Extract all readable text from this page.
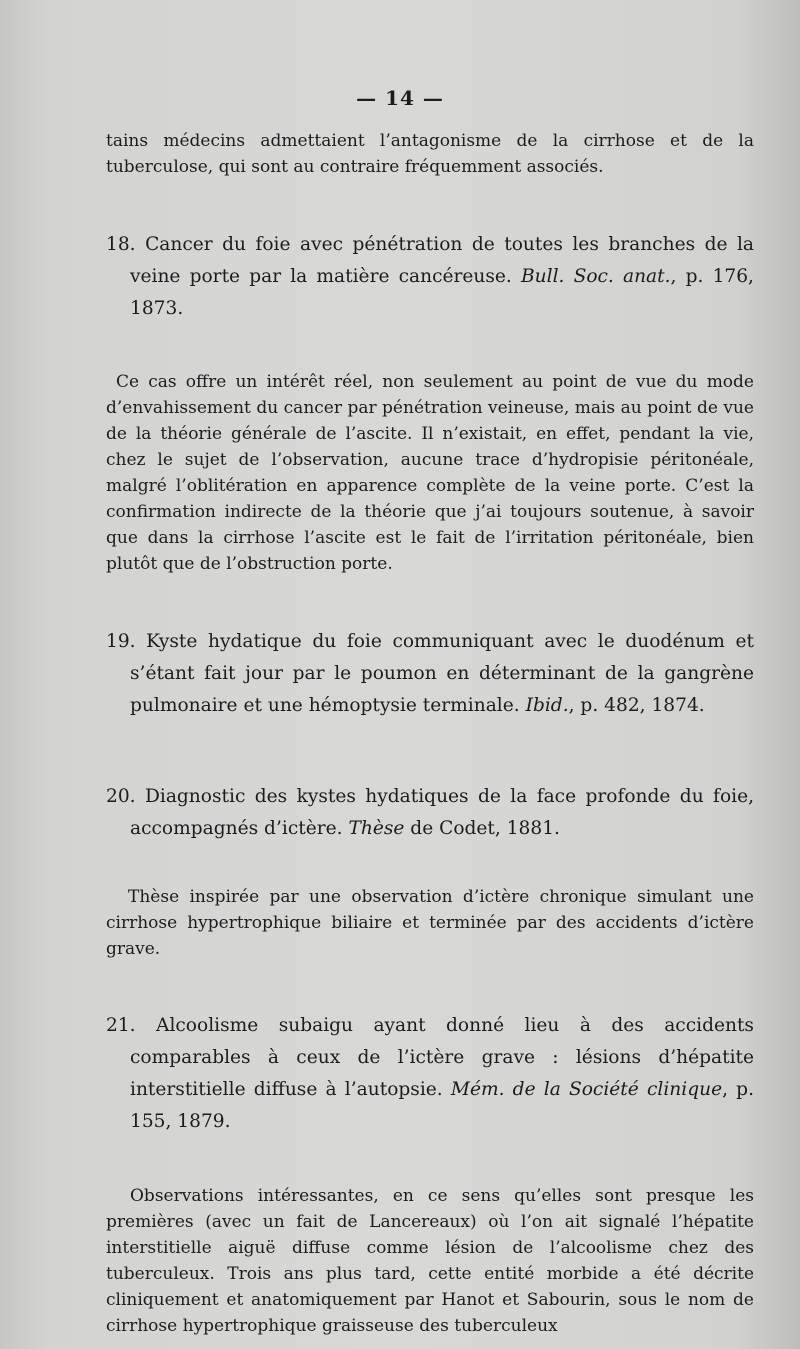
— 14 —

tains médecins admettaient l’antagonisme de la cirrhose et de la tuberculose, qui sont au contraire fréquemment associés.

18. Cancer du foie avec pénétration de toutes les branches de la veine porte par la matière cancéreuse. Bull. Soc. anat., p. 176, 1873.

Ce cas offre un intérêt réel, non seulement au point de vue du mode d’envahissement du cancer par pénétration veineuse, mais au point de vue de la théorie générale de l’ascite. Il n’existait, en effet, pendant la vie, chez le sujet de l’observation, aucune trace d’hydropisie péritonéale, malgré l’oblitération en apparence complète de la veine porte. C’est la confirmation indirecte de la théorie que j’ai toujours soutenue, à savoir que dans la cirrhose l’ascite est le fait de l’irritation péritonéale, bien plutôt que de l’obstruction porte.

19. Kyste hydatique du foie communiquant avec le duodénum et s’étant fait jour par le poumon en déterminant de la gangrène pulmonaire et une hémoptysie terminale. Ibid., p. 482, 1874.

20. Diagnostic des kystes hydatiques de la face profonde du foie, accompagnés d’ictère. Thèse de Codet, 1881.

Thèse inspirée par une observation d’ictère chronique simulant une cirrhose hypertrophique biliaire et terminée par des accidents d’ictère grave.

21. Alcoolisme subaigu ayant donné lieu à des accidents comparables à ceux de l’ictère grave : lésions d’hépatite interstitielle diffuse à l’autopsie. Mém. de la Société clinique, p. 155, 1879.

Observations intéressantes, en ce sens qu’elles sont presque les premières (avec un fait de Lancereaux) où l’on ait signalé l’hépatite interstitielle aiguë diffuse comme lésion de l’alcoolisme chez des tuberculeux. Trois ans plus tard, cette entité morbide a été décrite cliniquement et anatomiquement par Hanot et Sabourin, sous le nom de cirrhose hypertrophique graisseuse des tuberculeux
